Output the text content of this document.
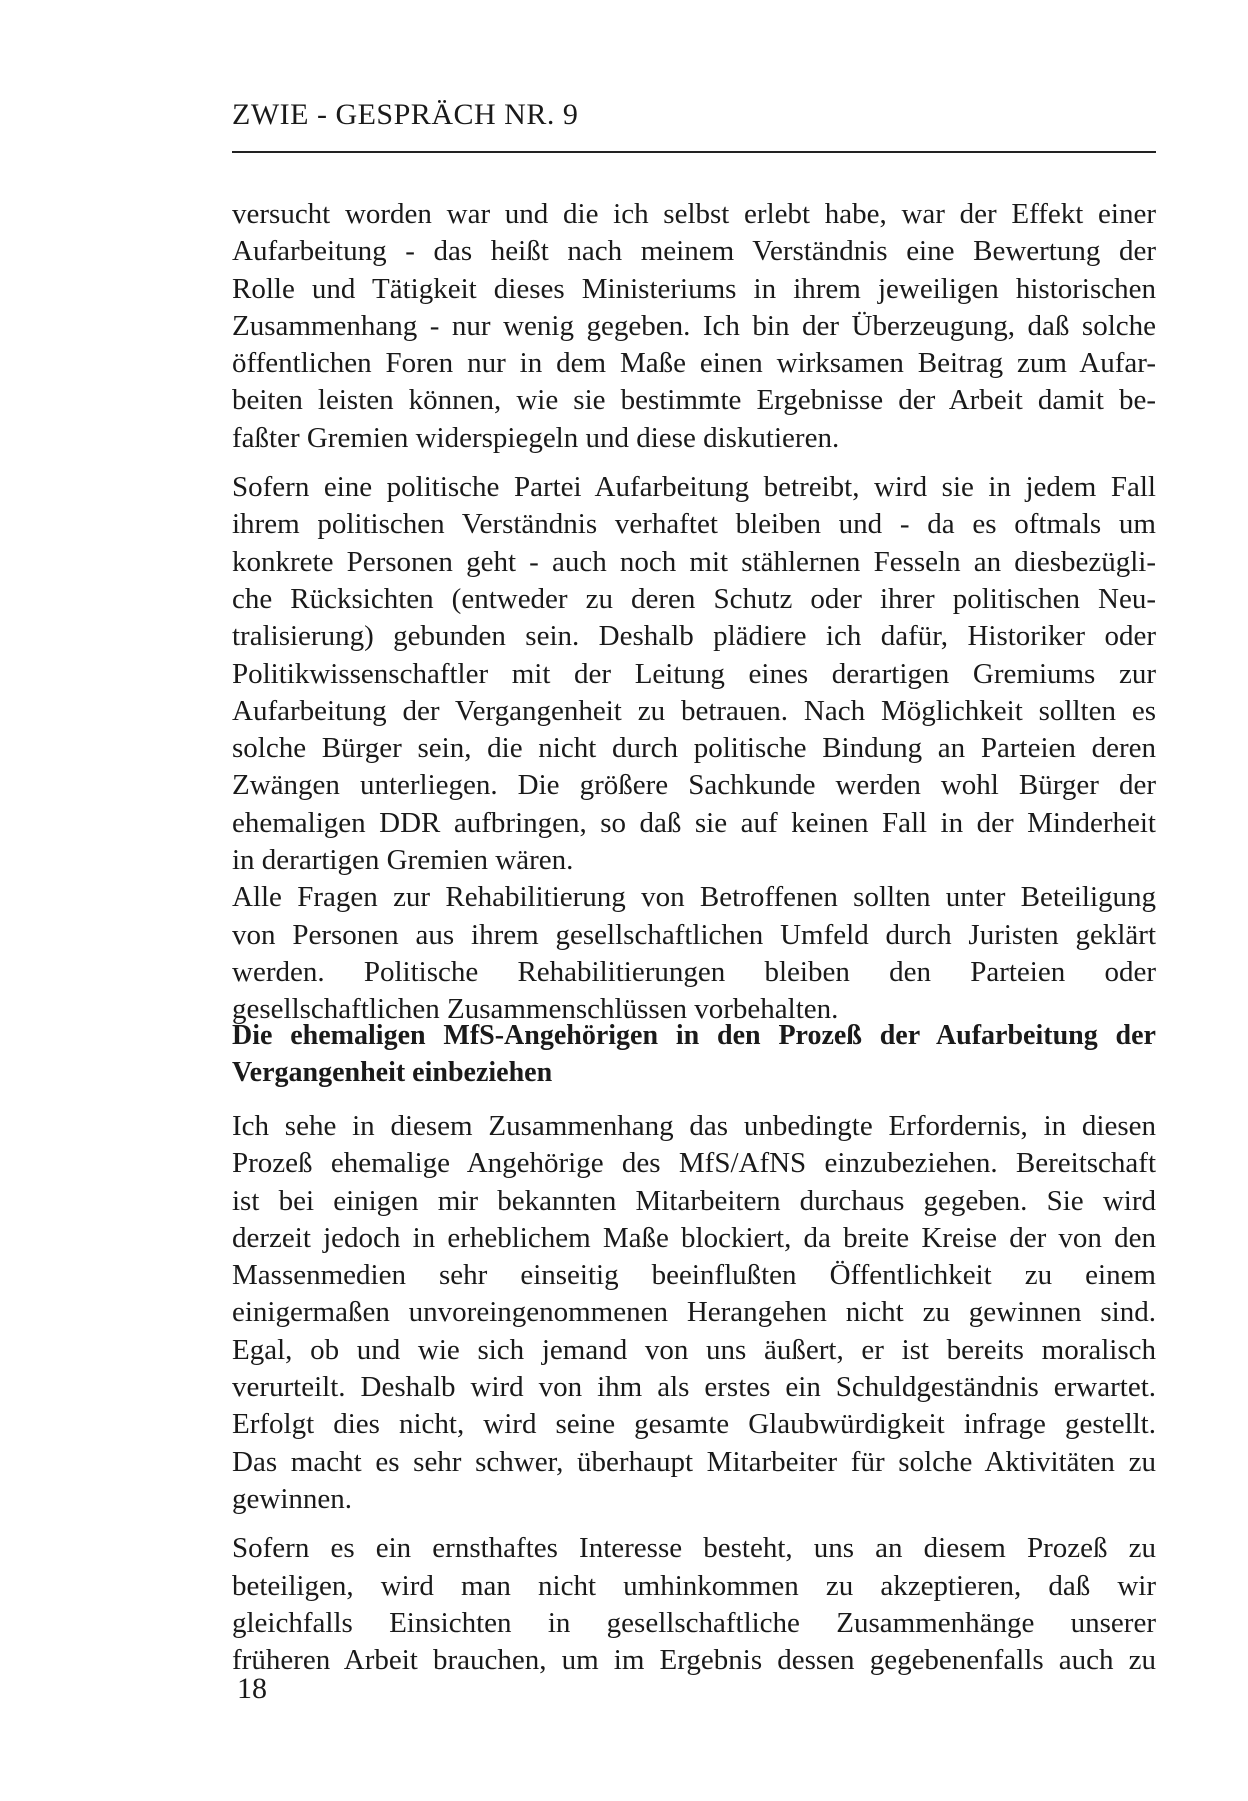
ZWIE - GESPRÄCH NR. 9

versucht worden war und die ich selbst erlebt habe, war der Effekt einer
Aufarbeitung - das heißt nach meinem Verständnis eine Bewertung der
Rolle und Tätigkeit dieses Ministeriums in ihrem jeweiligen historischen
Zusammenhang - nur wenig gegeben. Ich bin der Überzeugung, daß solche
öffentlichen Foren nur in dem Maße einen wirksamen Beitrag zum Aufar-
beiten leisten können, wie sie bestimmte Ergebnisse der Arbeit damit be-
faßter Gremien widerspiegeln und diese diskutieren.

Sofern eine politische Partei Aufarbeitung betreibt, wird sie in jedem Fall
ihrem politischen Verständnis verhaftet bleiben und - da es oftmals um
konkrete Personen geht - auch noch mit stählernen Fesseln an diesbezügli-
che Rücksichten (entweder zu deren Schutz oder ihrer politischen Neu-
tralisierung) gebunden sein. Deshalb plädiere ich dafür, Historiker oder
Politikwissenschaftler mit der Leitung eines derartigen Gremiums zur
Aufarbeitung der Vergangenheit zu betrauen. Nach Möglichkeit sollten es
solche Bürger sein, die nicht durch politische Bindung an Parteien deren
Zwängen unterliegen. Die größere Sachkunde werden wohl Bürger der
ehemaligen DDR aufbringen, so daß sie auf keinen Fall in der Minderheit
in derartigen Gremien wären.

Alle Fragen zur Rehabilitierung von Betroffenen sollten unter Beteiligung
von Personen aus ihrem gesellschaftlichen Umfeld durch Juristen geklärt
werden. Politische Rehabilitierungen bleiben den Parteien oder
gesellschaftlichen Zusammenschlüssen vorbehalten.

Die ehemaligen MfS-Angehörigen in den Prozeß der Aufarbeitung der
Vergangenheit einbeziehen

Ich sehe in diesem Zusammenhang das unbedingte Erfordernis, in diesen
Prozeß ehemalige Angehörige des MfS/AfNS einzubeziehen. Bereitschaft
ist bei einigen mir bekannten Mitarbeitern durchaus gegeben. Sie wird
derzeit jedoch in erheblichem Maße blockiert, da breite Kreise der von den
Massenmedien sehr einseitig beeinflußten Öffentlichkeit zu einem
einigermaßen unvoreingenommenen Herangehen nicht zu gewinnen sind.
Egal, ob und wie sich jemand von uns äußert, er ist bereits moralisch
verurteilt. Deshalb wird von ihm als erstes ein Schuldgeständnis erwartet.
Erfolgt dies nicht, wird seine gesamte Glaubwürdigkeit infrage gestellt.
Das macht es sehr schwer, überhaupt Mitarbeiter für solche Aktivitäten zu
gewinnen.

Sofern es ein ernsthaftes Interesse besteht, uns an diesem Prozeß zu
beteiligen, wird man nicht umhinkommen zu akzeptieren, daß wir
gleichfalls Einsichten in gesellschaftliche Zusammenhänge unserer
früheren Arbeit brauchen, um im Ergebnis dessen gegebenenfalls auch zu

18
